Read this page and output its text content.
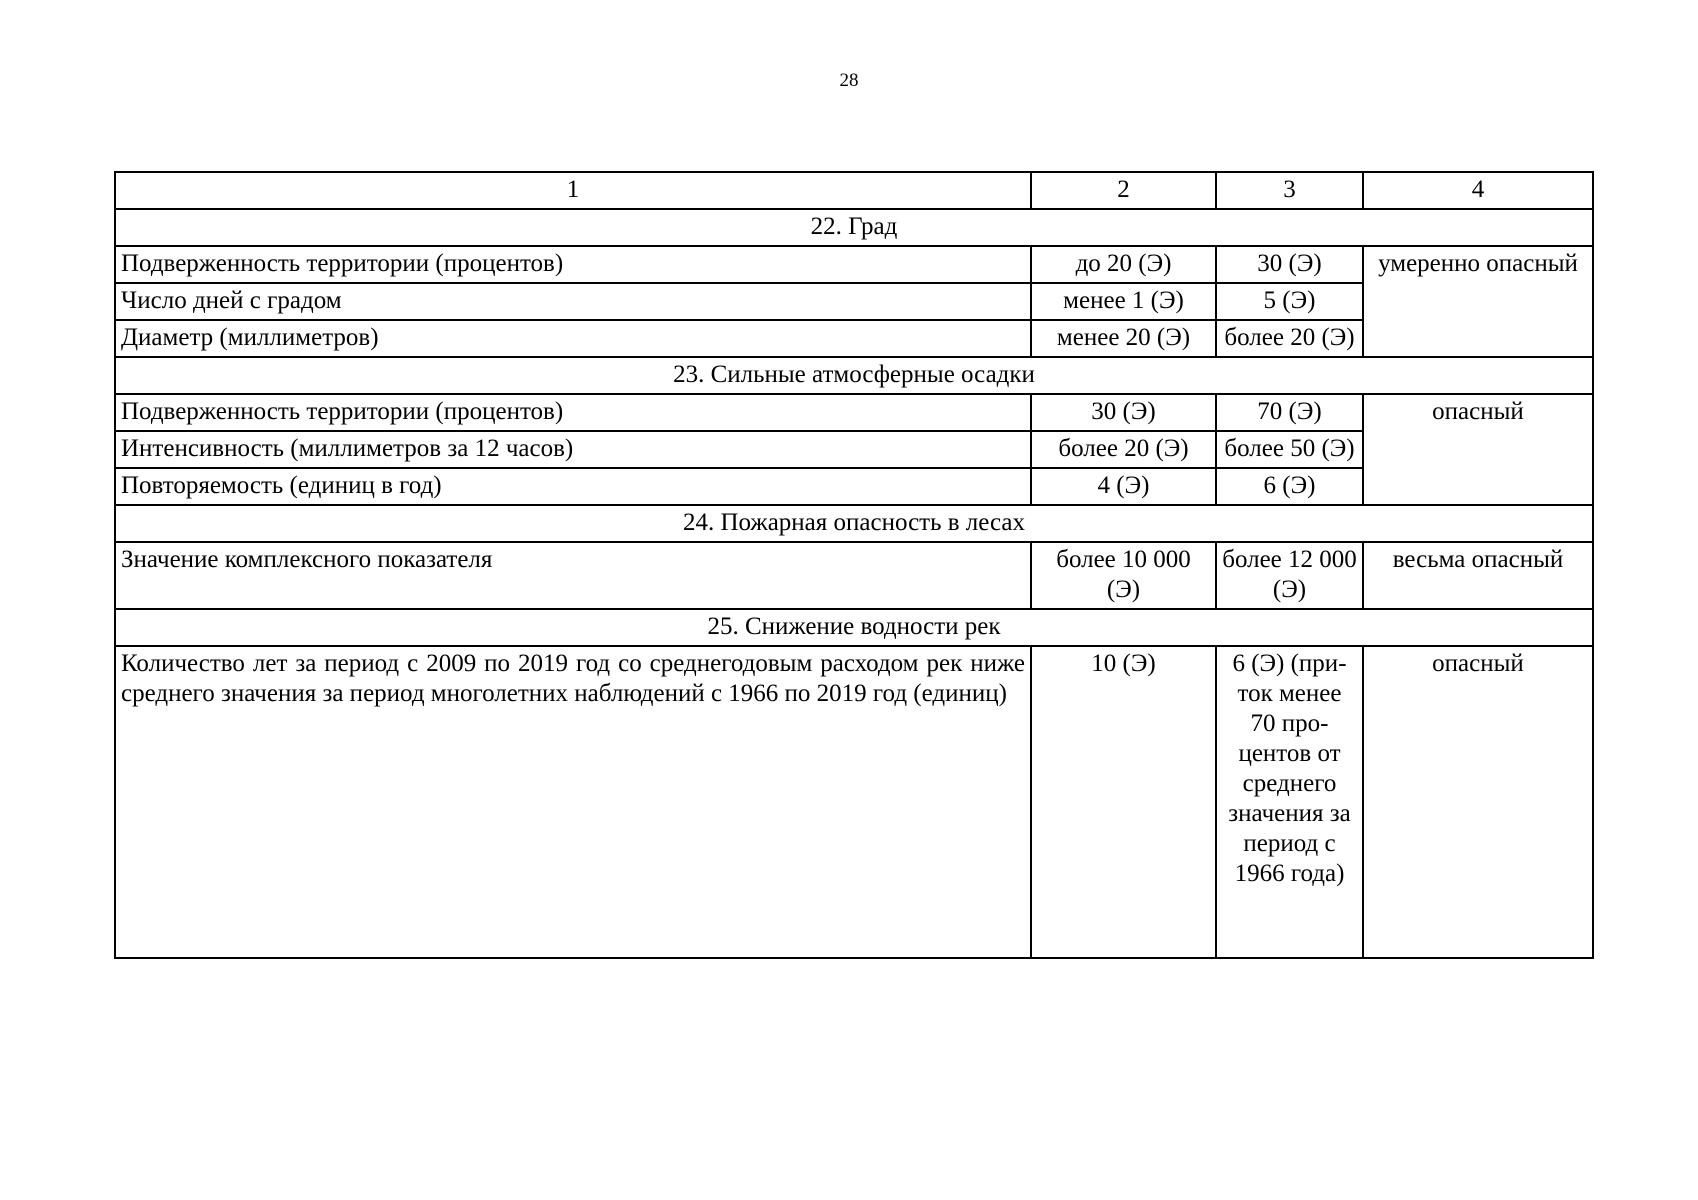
28
1	2	3	4
22. Град			
Подверженность территории (процентов)	до 20 (Э)	30 (Э)	умеренно опасный
Число дней с градом	менее 1 (Э)	5 (Э)	
Диаметр (миллиметров)	менее 20 (Э)	более 20 (Э)	
23. Сильные атмосферные осадки			
Подверженность территории (процентов)	30 (Э)	70 (Э)	опасный
Интенсивность (миллиметров за 12 часов)	более 20 (Э)	более 50 (Э)	
Повторяемость (единиц в год)	4 (Э)	6 (Э)	
24. Пожарная опасность в лесах			
Значение комплексного показателя	более 10 000 (Э)	более 12 000 (Э)	весьма опасный
25. Снижение водности рек			
Количество лет за период с 2009 по 2019 год со среднегодовым расходом рек ниже среднего значения за период многолетних наблюдений с 1966 по 2019 год (единиц)	10 (Э)	6 (Э) (приток менее 70 процентов от среднего значения за период с 1966 года)	опасный
